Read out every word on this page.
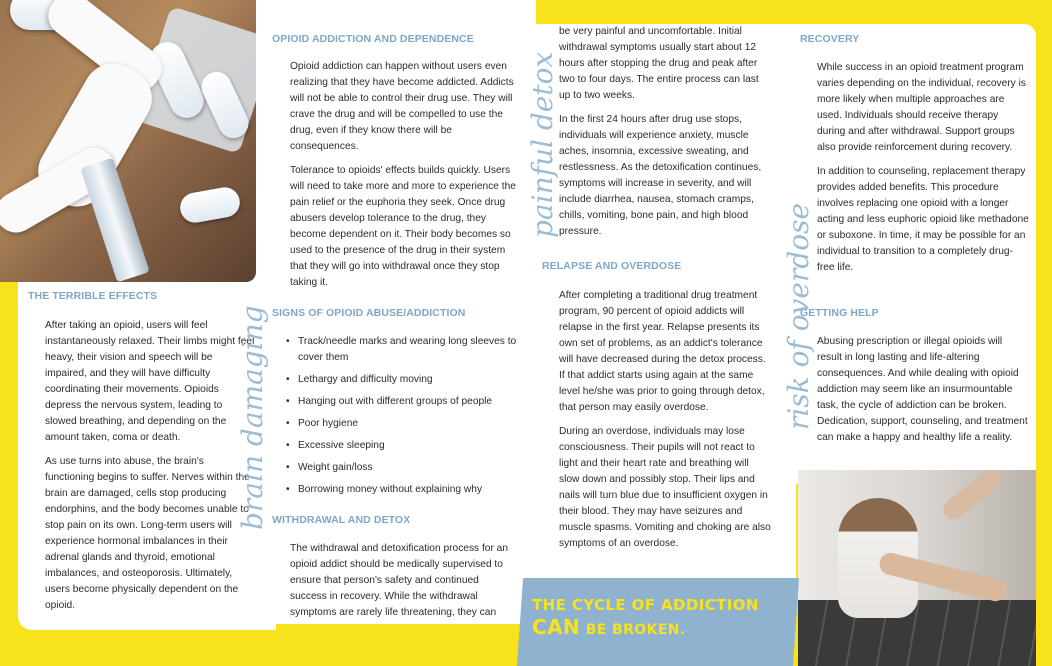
OPIOID ADDICTION AND DEPENDENCE

Opioid addiction can happen without users even realizing that they have become addicted. Addicts will not be able to control their drug use. They will crave the drug and will be compelled to use the drug, even if they know there will be consequences.

Tolerance to opioids' effects builds quickly. Users will need to take more and more to experience the pain relief or the euphoria they seek. Once drug abusers develop tolerance to the drug, they become dependent on it. Their body becomes so used to the presence of the drug in their system that they will go into withdrawal once they stop taking it.

THE TERRIBLE EFFECTS

After taking an opioid, users will feel instantaneously relaxed. Their limbs might feel heavy, their vision and speech will be impaired, and they will have difficulty coordinating their movements. Opioids depress the nervous system, leading to slowed breathing, and depending on the amount taken, coma or death.

As use turns into abuse, the brain's functioning begins to suffer. Nerves within the brain are damaged, cells stop producing endorphins, and the body becomes unable to stop pain on its own. Long-term users will experience hormonal imbalances in their adrenal glands and thyroid, emotional imbalances, and osteoporosis. Ultimately, users become physically dependent on the opioid.

SIGNS OF OPIOID ABUSE/ADDICTION
• Track/needle marks and wearing long sleeves to cover them
• Lethargy and difficulty moving
• Hanging out with different groups of people
• Poor hygiene
• Excessive sleeping
• Weight gain/loss
• Borrowing money without explaining why
WITHDRAWAL AND DETOX
The withdrawal and detoxification process for an opioid addict should be medically supervised to ensure that person's safety and continued success in recovery. While the withdrawal symptoms are rarely life threatening, they can

be very painful and uncomfortable. Initial withdrawal symptoms usually start about 12 hours after stopping the drug and peak after two to four days. The entire process can last up to two weeks.

In the first 24 hours after drug use stops, individuals will experience anxiety, muscle aches, insomnia, excessive sweating, and restlessness. As the detoxification continues, symptoms will increase in severity, and will include diarrhea, nausea, stomach cramps, chills, vomiting, bone pain, and high blood pressure.

RELAPSE AND OVERDOSE

After completing a traditional drug treatment program, 90 percent of opioid addicts will relapse in the first year. Relapse presents its own set of problems, as an addict's tolerance will have decreased during the detox process. If that addict starts using again at the same level he/she was prior to going through detox, that person may easily overdose.

During an overdose, individuals may lose consciousness. Their pupils will not react to light and their heart rate and breathing will slow down and possibly stop. Their lips and nails will turn blue due to insufficient oxygen in their blood. They may have seizures and muscle spasms. Vomiting and choking are also symptoms of an overdose.

RECOVERY

While success in an opioid treatment program varies depending on the individual, recovery is more likely when multiple approaches are used. Individuals should receive therapy during and after withdrawal. Support groups also provide reinforcement during recovery.

In addition to counseling, replacement therapy provides added benefits. This procedure involves replacing one opioid with a longer acting and less euphoric opioid like methadone or suboxone. In time, it may be possible for an individual to transition to a completely drug-free life.

GETTING HELP

Abusing prescription or illegal opioids will result in long lasting and life-altering consequences. And while dealing with opioid addiction may seem like an insurmountable task, the cycle of addiction can be broken. Dedication, support, counseling, and treatment can make a happy and healthy life a reality.

brain damaging
painful detox
risk of overdose
THE CYCLE OF ADDICTION
CAN BE BROKEN.
